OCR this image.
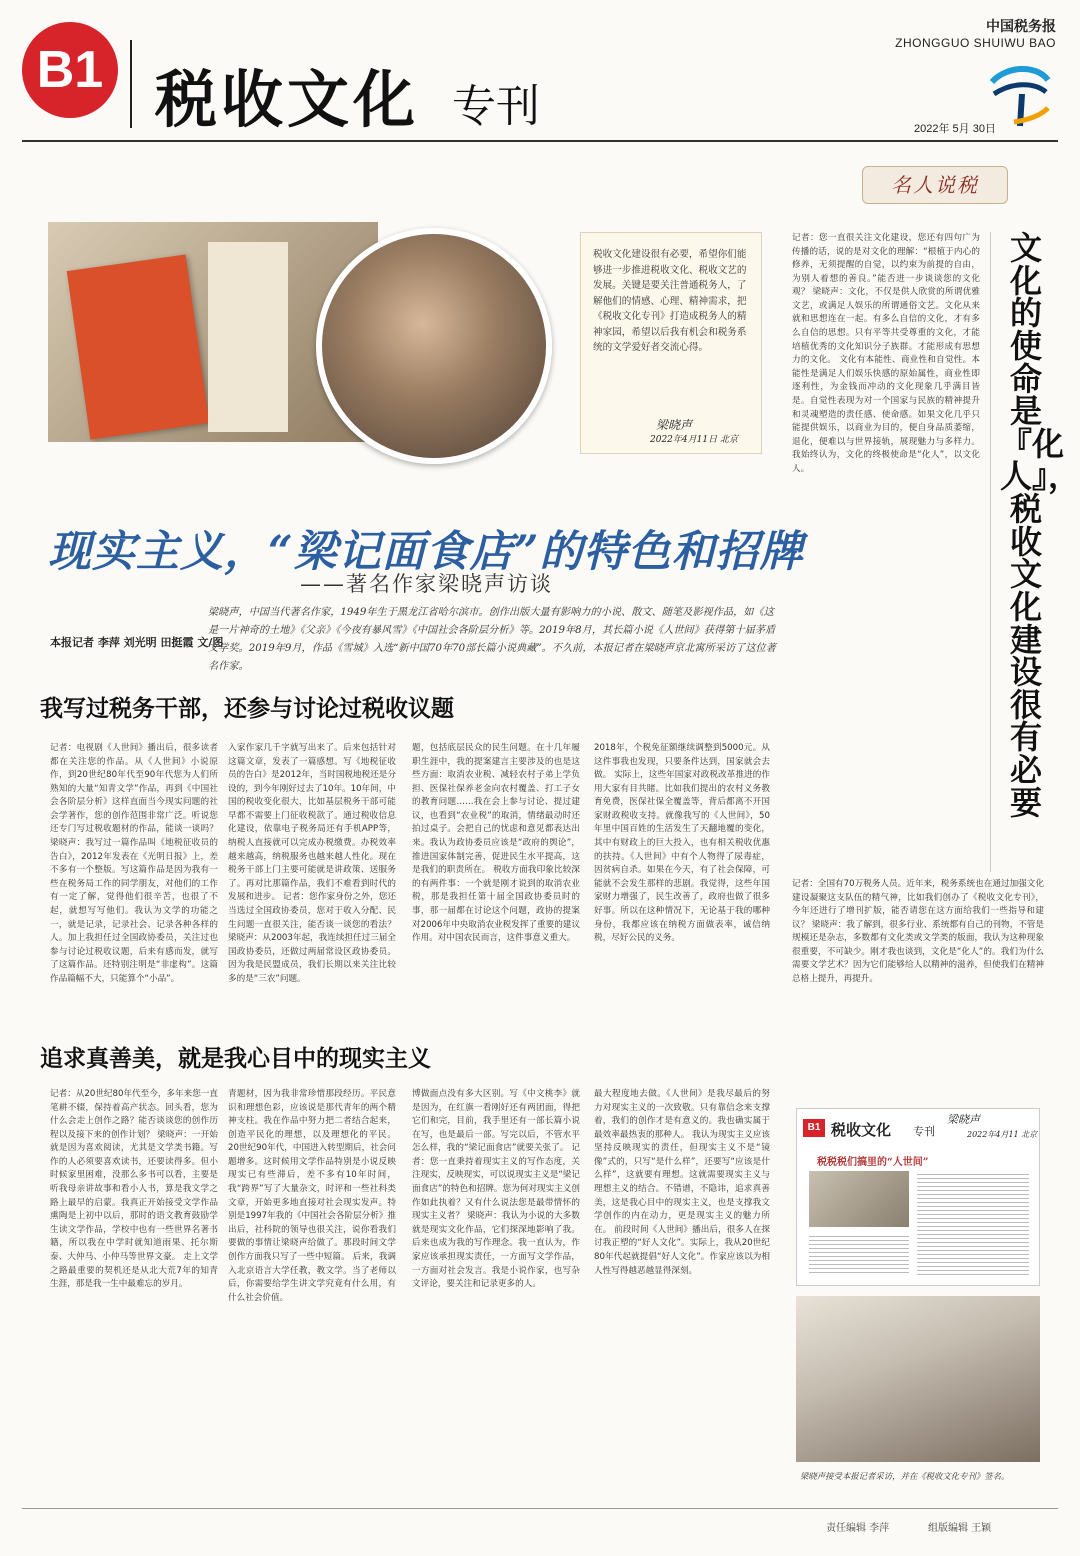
B1 税收文化 专刊
中国税务报
ZHONGGUO SHUIWU BAO
2022年 5月 30日
名人说税
税收文化建设很有必要，希望你们能够进一步推进税收文化、税收文艺的发展。关键是要关注普通税务人，了解他们的情感、心理、精神需求，把《税收文化专刊》打造成税务人的精神家园，希望以后我有机会和税务系统的文学爱好者交流心得。
梁晓声
2022年4月11日 北京
现实主义，“梁记面食店”的特色和招牌
——著名作家梁晓声访谈
本报记者 李萍 刘光明 田挺霞 文/图
梁晓声，中国当代著名作家，1949年生于黑龙江省哈尔滨市。创作出版大量有影响力的小说、散文、随笔及影视作品，如《这是一片神奇的土地》《父亲》《今夜有暴风雪》《中国社会各阶层分析》等。2019年8月，其长篇小说《人世间》获得第十届茅盾文学奖。2019年9月，作品《雪城》入选“新中国70年70部长篇小说典藏”。不久前，本报记者在梁晓声京北寓所采访了这位著名作家。
我写过税务干部，还参与讨论过税收议题
记者：电视剧《人世间》播出后，很多读者都在关注您的作品。从《人世间》小说原作，到20世纪80年代至90年代您为人们所熟知的大量“知青文学”作品，再到《中国社会各阶层分析》这样直面当今现实问题的社会学著作，您的创作范围非常广泛。听说您还专门写过税收题材的作品，能谈一谈吗？ 梁晓声：我写过一篇作品叫《地税征收员的告白》，2012年发表在《光明日报》上，差不多有一个整版。写这篇作品是因为我有一些在税务局工作的同学朋友，对他们的工作有一定了解，觉得他们很辛苦，也很了不起，就想写写他们。我认为文学的功能之一，就是记录，记录社会、记录各种各样的人。加上我担任过全国政协委员，关注过也参与讨论过税收议题，后来有感而发，就写了这篇作品。还特别注明是“非虚构”。这篇作品篇幅不大，只能算个“小品”。
入家作家几千字就写出来了。后来包括针对这篇文章，发表了一篇感想。写《地税征收员的告白》是2012年，当时国税地税还是分设的，到今年刚好过去了10年。10年间，中国的税收变化很大，比如基层税务干部可能早都不需要上门征收税款了。通过税收信息化建设，依靠电子税务局还有手机APP等，纳税人直接就可以完成办税缴费。办税效率越来越高，纳税服务也越来越人性化。现在税务干部上门主要可能就是讲政策、送服务了。再对比那篇作品，我们不难看到时代的发展和进步。 记者：您作家身份之外，您还当选过全国政协委员，您对于收入分配、民生问题一直很关注，能否谈一谈您的看法？ 梁晓声：从2003年起，我连续担任过三届全国政协委员，还做过两届常设区政协委员。因为我是民盟成员，我们长期以来关注比较多的是“三农”问题。
题，包括底层民众的民生问题。在十几年履职生涯中，我的提案建言主要涉及的也是这些方面：取消农业税、减轻农村子弟上学负担、医保社保养老金向农村覆盖、打工子女的教育问题……我在会上参与讨论、提过建议，也看到“农业税”的取消，情绪最动时还拍过桌子。会把自己的忧虑和意见都表达出来。我认为政协委员应该是“政府的舆论”，推进国家体制完善，促进民生水平提高，这是我们的职责所在。 税收方面我印象比较深的有两件事：一个就是刚才说到的取消农业税，那是我担任第十届全国政协委员时的事，那一届都在讨论这个问题，政协的提案对2006年中央取消农业税发挥了重要的建议作用。对中国农民而言，这件事意义重大。
2018年，个税免征额继续调整到5000元。从这件事我也发现，只要条件达到，国家就会去做。 实际上，这些年国家对政税改革推进的作用大家有目共睹。比如我们提出的农村义务教育免费，医保社保全覆盖等，背后都离不开国家财政税收支持。就像我写的《人世间》，50年里中国百姓的生活发生了天翻地覆的变化，其中有财政上的巨大投入，也有相关税收优惠的扶持。《人世间》中有个人物得了尿毒症，因贫病自杀。如果在今天，有了社会保障，可能就不会发生那样的悲剧。我觉得，这些年国家财力增强了，民生改善了，政府也做了很多好事。所以在这种情况下，无论基于我的哪种身份，我都应该在纳税方面做表率，诚信纳税，尽好公民的义务。
追求真善美，就是我心目中的现实主义
记者：从20世纪80年代至今，多年来您一直笔耕不辍，保持着高产状态。回头看，您为什么会走上创作之路？能否谈谈您的创作历程以及接下来的创作计划？ 梁晓声：一开始就是因为喜欢阅读，尤其是文学类书籍。写作的人必须要喜欢读书，还要读得多。但小时候家里困难，没那么多书可以看，主要是听我母亲讲故事和看小人书，算是我文学之路上最早的启蒙。我真正开始接受文学作品熏陶是上初中以后，那时的语文教育鼓励学生读文学作品，学校中也有一些世界名著书籍，所以我在中学时就知道雨果、托尔斯泰、大仲马、小仲马等世界文豪。 走上文学之路最重要的契机还是从北大荒7年的知青生涯，那是我一生中最难忘的岁月。
青题材，因为我非常珍惜那段经历。平民意识和理想色彩，应该说是那代青年的两个精神支柱。我在作品中努力把二者结合起来，创造平民化的理想，以及理想化的平民。 20世纪90年代，中国进入转型期后，社会问题增多。这时候用文学作品特别是小说反映现实已有些滞后，差不多有10年时间，我“跨界”写了大量杂文，时评和一些社科类文章，开始更多地直接对社会现实发声。特别是1997年我的《中国社会各阶层分析》推出后，社科院的领导也很关注，说你看我们要做的事情让梁晓声给做了。那段时间文学创作方面我只写了一些中短篇。 后来，我调入北京语言大学任教，教文学。当了老师以后，你需要给学生讲文学究竟有什么用，有什么社会价值。
博做面点没有多大区别。写《中文桃李》就是因为，在红旗一看刚好还有两团面，得把它们和完，目前，我手里还有一部长篇小说在写，也是最后一部。写完以后，不管水平怎么样，我的“梁记面食店”就要关张了。 记者：您一直秉持着现实主义的写作态度，关注现实，反映现实，可以说现实主义是“梁记面食店”的特色和招牌。您为何对现实主义创作如此执着？又有什么说法您是最带情怀的现实主义者？ 梁晓声：我认为小说的大多数就是现实文化作品，它们探深地影响了我。后来也成为我的写作理念。我一直认为，作家应该承担现实责任，一方面写文学作品，一方面对社会发言。我是小说作家，也写杂文评论，要关注和记录更多的人。
最大程度地去做。《人世间》是我尽最后的努力对现实主义的一次致敬。只有靠信念来支撑着，我们的创作才是有意义的。我也确实属于最效率最热衷的那种人。 我认为现实主义应该坚持反映现实的责任，但现实主义不是“镜像”式的，只写“是什么样”，还要写“应该是什么样”，这就要有理想。这就需要现实主义与理想主义的结合。不错谱，不隐讳，追求真善美，这是我心目中的现实主义，也是支撑我文学创作的内在动力，更是现实主义的魅力所在。 前段时间《人世间》播出后，很多人在探讨我正塑的“好人文化”。实际上，我从20世纪80年代起就提倡“好人文化”。作家应该以为相人性写得越恶越显得深刻。
记者：您一直很关注文化建设，您还有四句广为传播的话，说的是对文化的理解：“根植于内心的修养，无须提醒的自觉，以约束为前提的自由，为别人着想的善良。”能否进一步谈谈您的文化观？ 梁晓声：文化，不仅是供人欣赏的所谓优雅文艺，或满足人娱乐的所谓通俗文艺。文化从来就和思想连在一起。有多么自信的文化，才有多么自信的思想。只有平等共受尊重的文化，才能培植优秀的文化知识分子族群。才能形成有思想力的文化。 文化有本能性、商业性和自觉性。本能性是满足人们娱乐快感的原始属性，商业性即逐利性，为金钱而冲动的文化现象几乎满目皆是。自觉性表现为对一个国家与民族的精神提升和灵魂塑造的责任感、使命感。如果文化几乎只能提供娱乐，以商业为目的，便自身品质萎缩，退化，便难以与世界接轨，展现魅力与多样力。 我始终认为，文化的终极使命是“化人”，以文化人。
文化的使命是『化人』，税收文化建设很有必要
记者：全国有70万税务人员。近年来，税务系统也在通过加强文化建设凝聚这支队伍的精气神，比如我们创办了《税收文化专刊》，今年还进行了增刊扩版，能否请您在这方面给我们一些指导和建议？ 梁晓声：我了解到，很多行业、系统都有自己的刊物，不管是规模还是杂志，多数都有文化类或文学类的版面，我认为这种现象很重要，不可缺少。刚才我也谈到，文化是“化人”的。我们为什么需要文学艺术？因为它们能够给人以精神的滋养，但使我们在精神总格上提升，再提升。
B1 税收文化 专刊
梁晓声
2022年4月11 北京
税税税们搞里的“人世间”
梁晓声接受本报记者采访，并在《税收文化专刊》签名。
责任编辑 李萍	组版编辑 王颖
